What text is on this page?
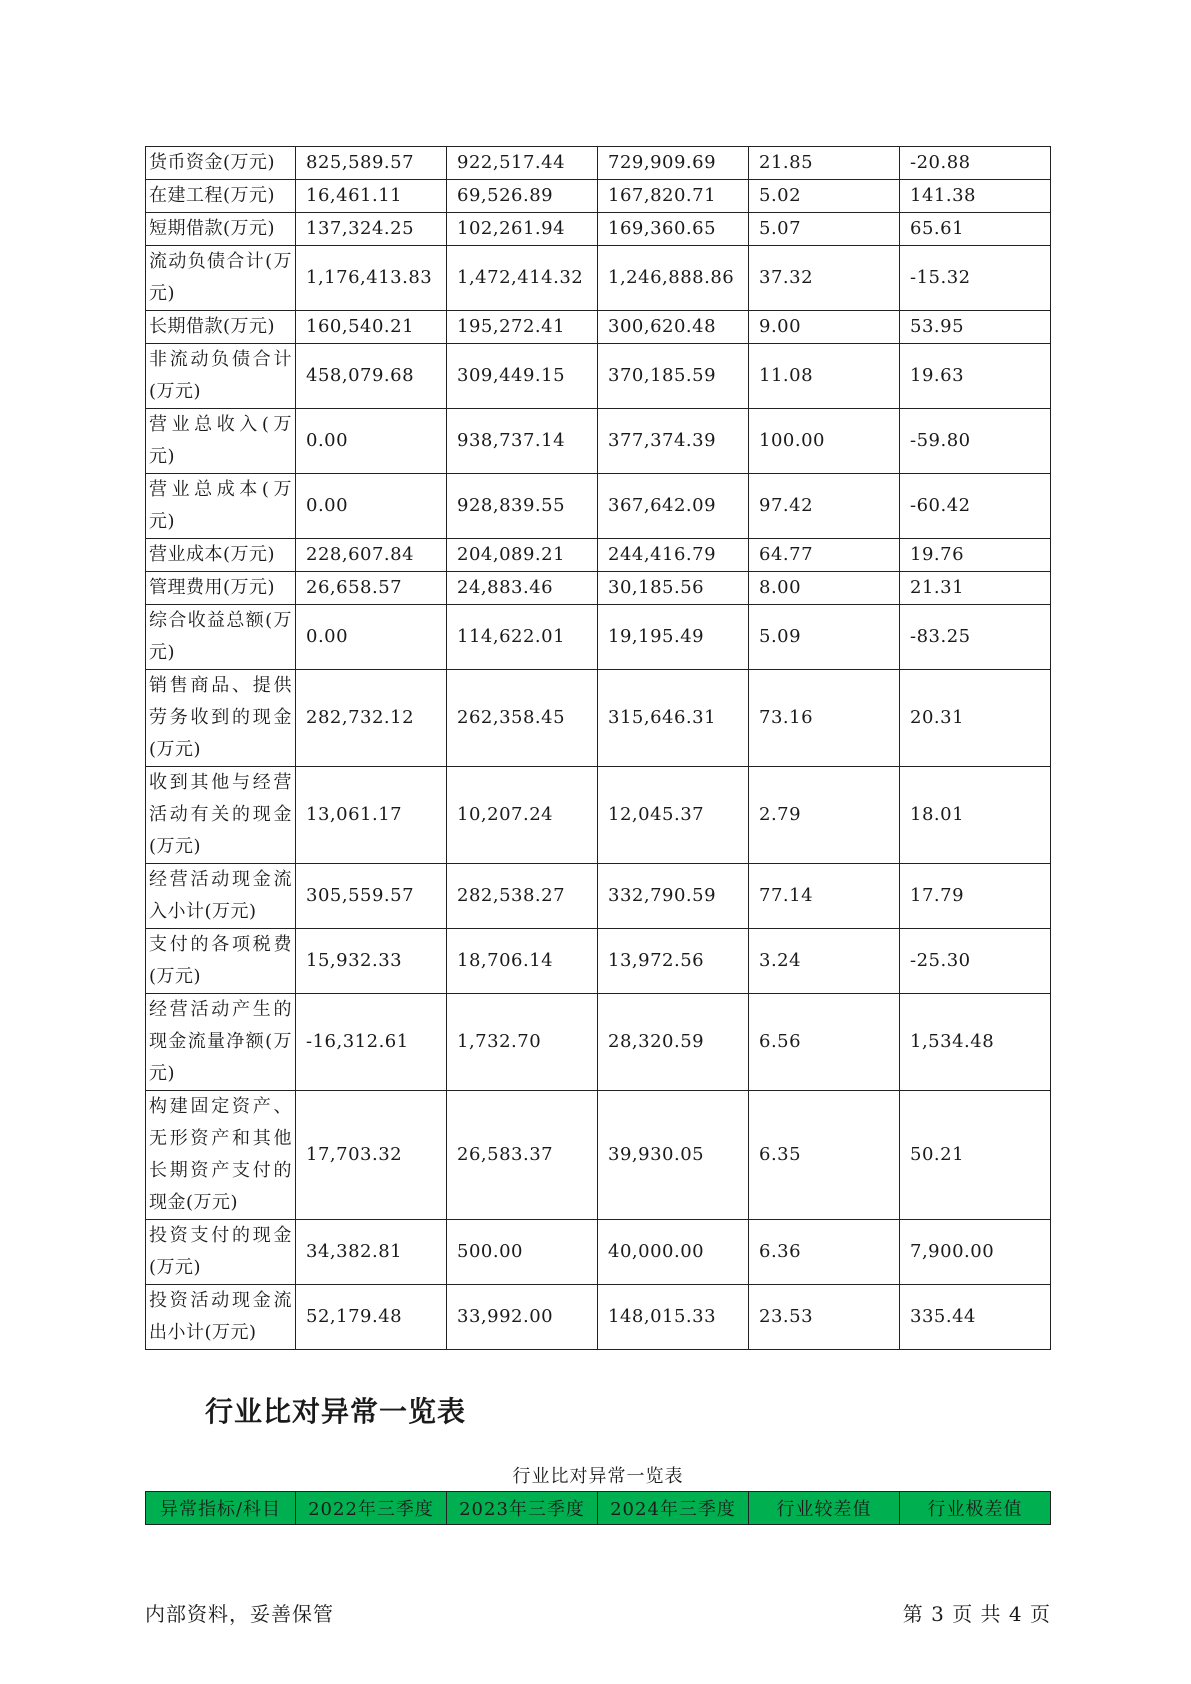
货币资金(万元)	825,589.57	922,517.44	729,909.69	21.85	-20.88
在建工程(万元)	16,461.11	69,526.89	167,820.71	5.02	141.38
短期借款(万元)	137,324.25	102,261.94	169,360.65	5.07	65.61
流动负债合计(万元)	1,176,413.83	1,472,414.32	1,246,888.86	37.32	-15.32
长期借款(万元)	160,540.21	195,272.41	300,620.48	9.00	53.95
非流动负债合计(万元)	458,079.68	309,449.15	370,185.59	11.08	19.63
营业总收入(万元)	0.00	938,737.14	377,374.39	100.00	-59.80
营业总成本(万元)	0.00	928,839.55	367,642.09	97.42	-60.42
营业成本(万元)	228,607.84	204,089.21	244,416.79	64.77	19.76
管理费用(万元)	26,658.57	24,883.46	30,185.56	8.00	21.31
综合收益总额(万元)	0.00	114,622.01	19,195.49	5.09	-83.25
销售商品、提供劳务收到的现金(万元)	282,732.12	262,358.45	315,646.31	73.16	20.31
收到其他与经营活动有关的现金(万元)	13,061.17	10,207.24	12,045.37	2.79	18.01
经营活动现金流入小计(万元)	305,559.57	282,538.27	332,790.59	77.14	17.79
支付的各项税费(万元)	15,932.33	18,706.14	13,972.56	3.24	-25.30
经营活动产生的现金流量净额(万元)	-16,312.61	1,732.70	28,320.59	6.56	1,534.48
构建固定资产、无形资产和其他长期资产支付的现金(万元)	17,703.32	26,583.37	39,930.05	6.35	50.21
投资支付的现金(万元)	34,382.81	500.00	40,000.00	6.36	7,900.00
投资活动现金流出小计(万元)	52,179.48	33,992.00	148,015.33	23.53	335.44
行业比对异常一览表
行业比对异常一览表
异常指标/科目	2022年三季度	2023年三季度	2024年三季度	行业较差值	行业极差值
内部资料，妥善保管	第 3 页 共 4 页
